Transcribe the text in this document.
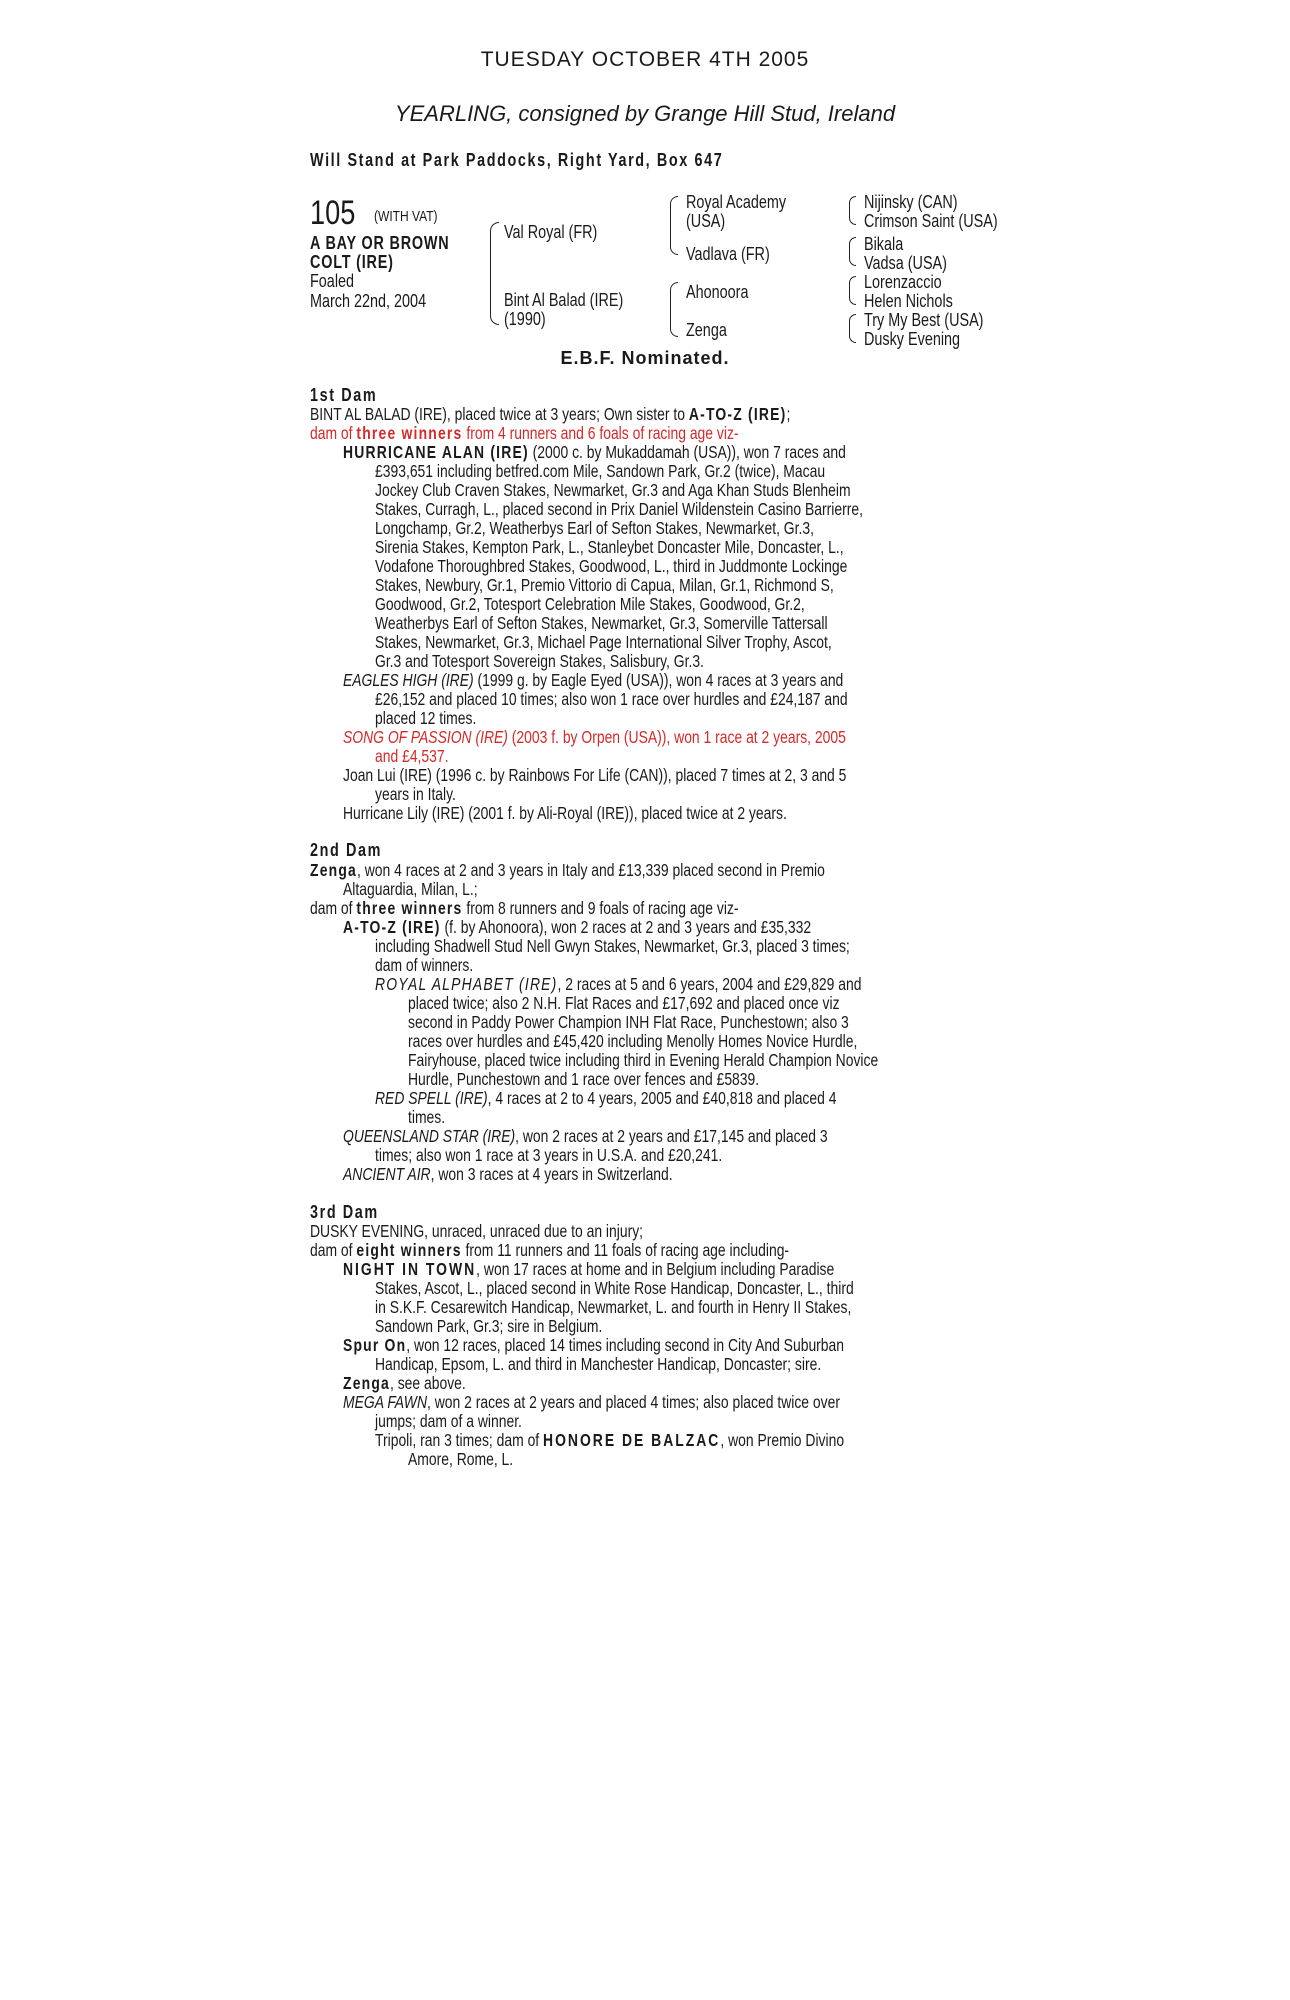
TUESDAY OCTOBER 4TH 2005
YEARLING, consigned by Grange Hill Stud, Ireland
Will Stand at Park Paddocks, Right Yard, Box 647
105 (WITH VAT)
A BAY OR BROWN
COLT (IRE)
Foaled
March 22nd, 2004
Val Royal (FR)
Bint Al Balad (IRE)
(1990)
Royal Academy
(USA)
Vadlava (FR)
Ahonoora
Zenga
Nijinsky (CAN)
Crimson Saint (USA)
Bikala
Vadsa (USA)
Lorenzaccio
Helen Nichols
Try My Best (USA)
Dusky Evening
E.B.F. Nominated.
1st Dam
BINT AL BALAD (IRE), placed twice at 3 years; Own sister to A-TO-Z (IRE);
dam of three winners from 4 runners and 6 foals of racing age viz-
HURRICANE ALAN (IRE) (2000 c. by Mukaddamah (USA)), won 7 races and
£393,651 including betfred.com Mile, Sandown Park, Gr.2 (twice), Macau
Jockey Club Craven Stakes, Newmarket, Gr.3 and Aga Khan Studs Blenheim
Stakes, Curragh, L., placed second in Prix Daniel Wildenstein Casino Barrierre,
Longchamp, Gr.2, Weatherbys Earl of Sefton Stakes, Newmarket, Gr.3,
Sirenia Stakes, Kempton Park, L., Stanleybet Doncaster Mile, Doncaster, L.,
Vodafone Thoroughbred Stakes, Goodwood, L., third in Juddmonte Lockinge
Stakes, Newbury, Gr.1, Premio Vittorio di Capua, Milan, Gr.1, Richmond S,
Goodwood, Gr.2, Totesport Celebration Mile Stakes, Goodwood, Gr.2,
Weatherbys Earl of Sefton Stakes, Newmarket, Gr.3, Somerville Tattersall
Stakes, Newmarket, Gr.3, Michael Page International Silver Trophy, Ascot,
Gr.3 and Totesport Sovereign Stakes, Salisbury, Gr.3.
EAGLES HIGH (IRE) (1999 g. by Eagle Eyed (USA)), won 4 races at 3 years and
£26,152 and placed 10 times; also won 1 race over hurdles and £24,187 and
placed 12 times.
SONG OF PASSION (IRE) (2003 f. by Orpen (USA)), won 1 race at 2 years, 2005
and £4,537.
Joan Lui (IRE) (1996 c. by Rainbows For Life (CAN)), placed 7 times at 2, 3 and 5
years in Italy.
Hurricane Lily (IRE) (2001 f. by Ali-Royal (IRE)), placed twice at 2 years.
2nd Dam
Zenga, won 4 races at 2 and 3 years in Italy and £13,339 placed second in Premio
Altaguardia, Milan, L.;
dam of three winners from 8 runners and 9 foals of racing age viz-
A-TO-Z (IRE) (f. by Ahonoora), won 2 races at 2 and 3 years and £35,332
including Shadwell Stud Nell Gwyn Stakes, Newmarket, Gr.3, placed 3 times;
dam of winners.
ROYAL ALPHABET (IRE), 2 races at 5 and 6 years, 2004 and £29,829 and
placed twice; also 2 N.H. Flat Races and £17,692 and placed once viz
second in Paddy Power Champion INH Flat Race, Punchestown; also 3
races over hurdles and £45,420 including Menolly Homes Novice Hurdle,
Fairyhouse, placed twice including third in Evening Herald Champion Novice
Hurdle, Punchestown and 1 race over fences and £5839.
RED SPELL (IRE), 4 races at 2 to 4 years, 2005 and £40,818 and placed 4
times.
QUEENSLAND STAR (IRE), won 2 races at 2 years and £17,145 and placed 3
times; also won 1 race at 3 years in U.S.A. and £20,241.
ANCIENT AIR, won 3 races at 4 years in Switzerland.
3rd Dam
DUSKY EVENING, unraced, unraced due to an injury;
dam of eight winners from 11 runners and 11 foals of racing age including-
NIGHT IN TOWN, won 17 races at home and in Belgium including Paradise
Stakes, Ascot, L., placed second in White Rose Handicap, Doncaster, L., third
in S.K.F. Cesarewitch Handicap, Newmarket, L. and fourth in Henry II Stakes,
Sandown Park, Gr.3; sire in Belgium.
Spur On, won 12 races, placed 14 times including second in City And Suburban
Handicap, Epsom, L. and third in Manchester Handicap, Doncaster; sire.
Zenga, see above.
MEGA FAWN, won 2 races at 2 years and placed 4 times; also placed twice over
jumps; dam of a winner.
Tripoli, ran 3 times; dam of HONORE DE BALZAC, won Premio Divino
Amore, Rome, L.
